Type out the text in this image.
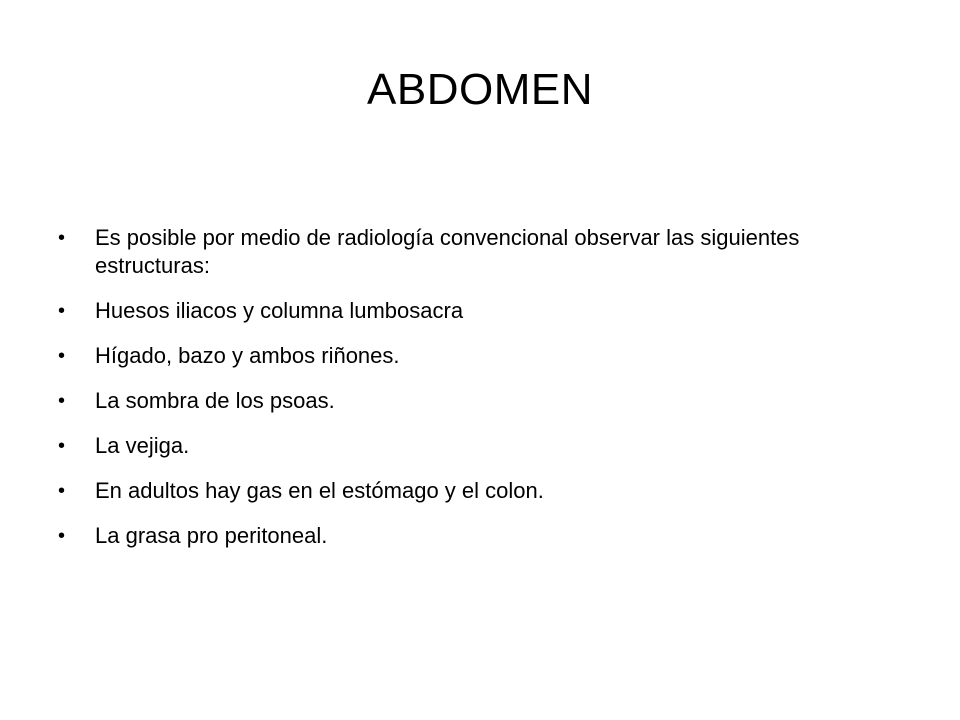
ABDOMEN
• Es posible por medio de radiología convencional observar las siguientes estructuras:
• Huesos iliacos y columna lumbosacra
• Hígado, bazo y ambos riñones.
• La sombra de los psoas.
• La vejiga.
• En adultos hay gas en el estómago y el colon.
• La grasa pro peritoneal.
